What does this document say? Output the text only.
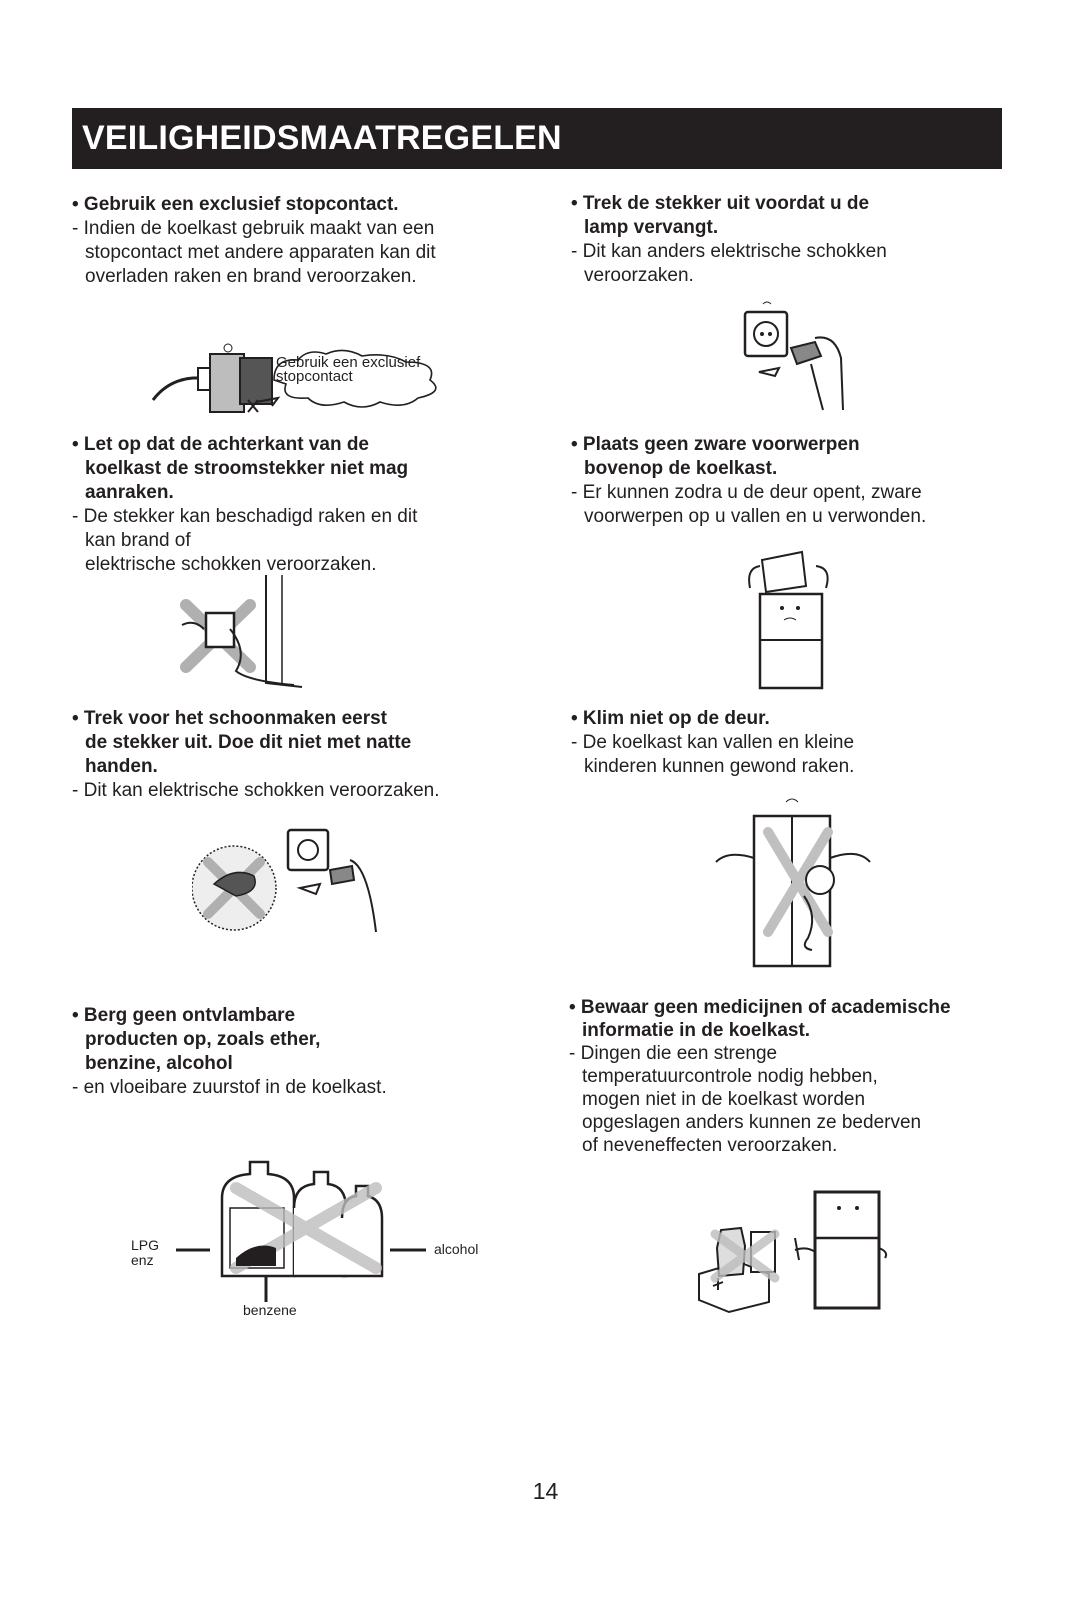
VEILIGHEIDSMAATREGELEN
• Gebruik een exclusief stopcontact.
- Indien de koelkast gebruik maakt van een
stopcontact met andere apparaten kan dit
overladen raken en brand veroorzaken.
Gebruik een exclusief
stopcontact
• Trek de stekker uit voordat u de
lamp vervangt.
- Dit kan anders elektrische schokken
veroorzaken.
• Let op dat de achterkant van de
koelkast de stroomstekker niet mag
aanraken.
- De stekker kan beschadigd raken en dit
kan brand of
elektrische schokken veroorzaken.
• Plaats geen zware voorwerpen
bovenop de koelkast.
- Er kunnen zodra u de deur opent, zware
voorwerpen op u vallen en u verwonden.
• Trek voor het schoonmaken eerst
de stekker uit. Doe dit niet met natte
handen.
- Dit kan elektrische schokken veroorzaken.
• Klim niet op de deur.
- De koelkast kan vallen en kleine
kinderen kunnen gewond raken.
• Berg geen ontvlambare
producten op, zoals ether,
benzine, alcohol
- en vloeibare zuurstof in de koelkast.
LPG
enz
alcohol
benzene
• Bewaar geen medicijnen of academische
informatie in de koelkast.
- Dingen die een strenge
temperatuurcontrole nodig hebben,
mogen niet in de koelkast worden
opgeslagen anders kunnen ze bederven
of neveneffecten veroorzaken.
14
